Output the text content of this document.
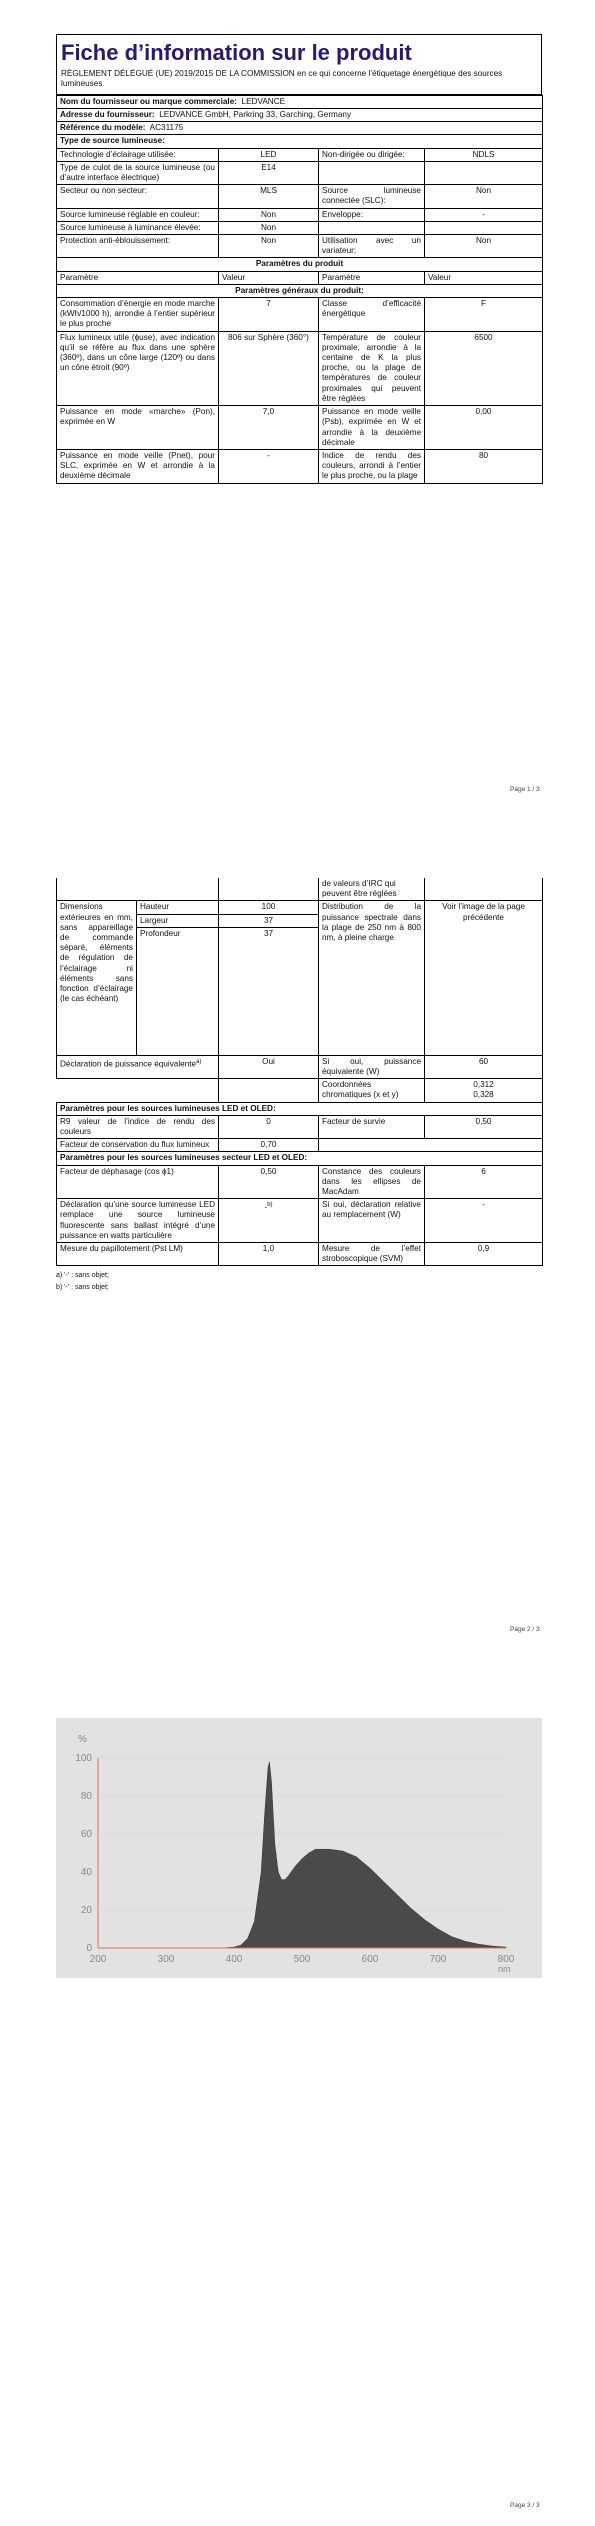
Fiche d’information sur le produit
RÈGLEMENT DÉLÉGUÉ (UE) 2019/2015 DE LA COMMISSION en ce qui concerne l’étiquetage énergétique des sources lumineuses
Nom du fournisseur ou marque commerciale: LEDVANCE			
Adresse du fournisseur: LEDVANCE GmbH, Parkring 33, Garching, Germany			
Référence du modèle: AC31175			
Type de source lumineuse:			
Technologie d’éclairage utilisée:	LED	Non-dirigée ou dirigée:	NDLS
Type de culot de la source lumineuse (ou d’autre interface électrique)	E14		
Secteur ou non secteur:	MLS	Source lumineuse connectée (SLC):	Non
Source lumineuse réglable en couleur:	Non	Enveloppe:	-
Source lumineuse à luminance élevée:	Non		
Protection anti-éblouissement:	Non	Utilisation avec un variateur:	Non
Paramètres du produit			
Paramètre	Valeur	Paramètre	Valeur
Paramètres généraux du produit:			
Consommation d’énergie en mode marche (kWh/1000 h), arrondie à l’entier supérieur le plus proche	7	Classe d’efficacité énergétique	F
Flux lumineux utile (ɸuse), avec indication qu’il se réfère au flux dans une sphère (360º), dans un cône large (120º) ou dans un cône étroit (90º)	806 sur Sphère (360°)	Température de couleur proximale, arrondie à la centaine de K la plus proche, ou la plage de températures de couleur proximales qui peuvent être réglées	6500
Puissance en mode «marche» (Pon), exprimée en W	7,0	Puissance en mode veille (Psb), exprimée en W et arrondie à la deuxième décimale	0,00
Puissance en mode veille (Pnet), pour SLC, exprimée en W et arrondie à la deuxième décimale	-	Indice de rendu des couleurs, arrondi à l’entier le plus proche, ou la plage	80
Page 1 / 3
			de valeurs d’IRC qui peuvent être réglées	
Dimensions extérieures en mm, sans appareillage de commande séparé, éléments de régulation de l’éclairage ni éléments sans fonction d’éclairage (le cas échéant)	Hauteur	100	Distribution de la puissance spectrale dans la plage de 250 nm à 800 nm, à pleine charge	Voir l’image de la page précédente
	Largeur	37		
	Profondeur	37		
Déclaration de puissance équivalente$^{a)}$		Oui	Si oui, puissance équivalente (W)	60
			Coordonnées chromatiques (x et y)	0,312
0,328

Paramètres pour les sources lumineuses LED et OLED:				
R9 valeur de l’indice de rendu des couleurs		0	Facteur de survie	0,50
Facteur de conservation du flux lumineux		0,70		
Paramètres pour les sources lumineuses secteur LED et OLED:				
Facteur de déphasage (cos ϕ1)		0,50	Constance des couleurs dans les ellipses de MacAdam	6
Déclaration qu’une source lumineuse LED remplace une source lumineuse fluorescente sans ballast intégré d’une puissance en watts particulière		-$^{b)}$	Si oui, déclaration relative au remplacement (W)	-
Mesure du papillotement (Pst LM)		1,0	Mesure de l’effet stroboscopique (SVM)	0,9
a) '-' : sans objet;
b) '-' : sans objet;
Page 2 / 3
0
20
40
60
80
100
200	300	400	500	600	700	800
%
nm
Page 3 / 3
